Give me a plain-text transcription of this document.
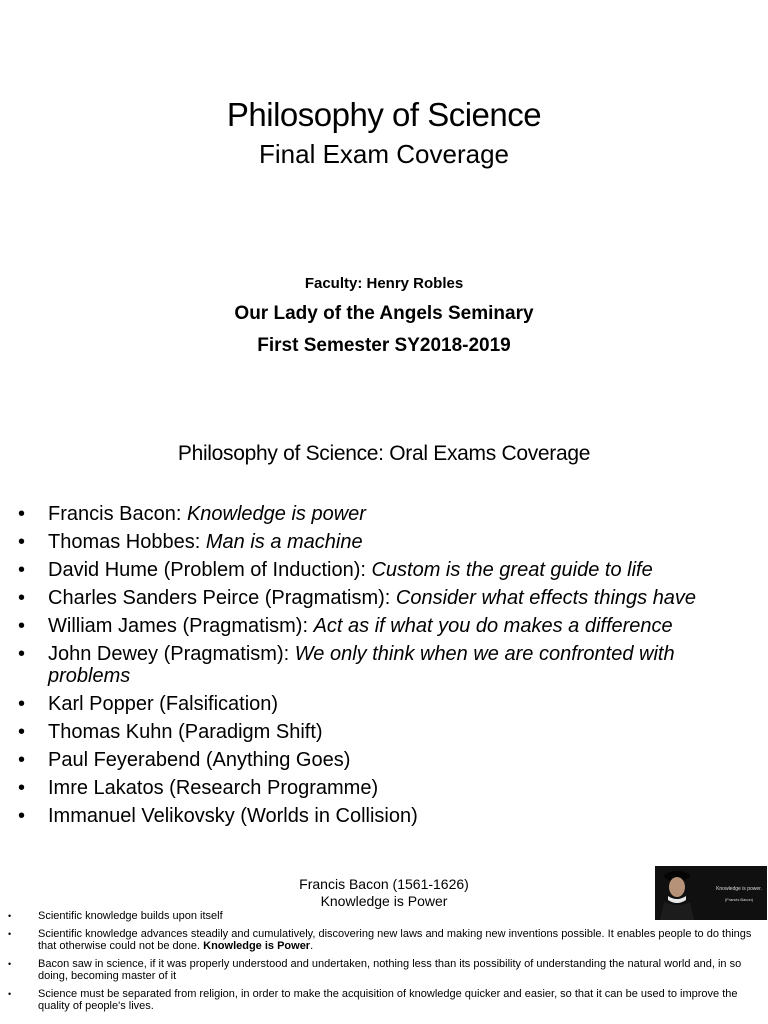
Philosophy of Science
Final Exam Coverage
Faculty: Henry Robles
Our Lady of the Angels Seminary
First Semester SY2018-2019
Philosophy of Science: Oral Exams Coverage
• Francis Bacon: Knowledge is power
• Thomas Hobbes: Man is a machine
• David Hume (Problem of Induction): Custom is the great guide to life
• Charles Sanders Peirce (Pragmatism): Consider what effects things have
• William James (Pragmatism): Act as if what you do makes a difference
• John Dewey (Pragmatism): We only think when we are confronted with problems
• Karl Popper (Falsification)
• Thomas Kuhn (Paradigm Shift)
• Paul Feyerabend (Anything Goes)
• Imre Lakatos (Research Programme)
• Immanuel Velikovsky (Worlds in Collision)
Francis Bacon (1561-1626)
Knowledge is Power
Knowledge is power.
(Francis Bacon)
• Scientific knowledge builds upon itself
• Scientific knowledge advances steadily and cumulatively, discovering new laws and making new inventions possible. It enables people to do things that otherwise could not be done. Knowledge is Power.
• Bacon saw in science, if it was properly understood and undertaken, nothing less than its possibility of understanding the natural world and, in so doing, becoming master of it
• Science must be separated from religion, in order to make the acquisition of knowledge quicker and easier, so that it can be used to improve the quality of people's lives.
